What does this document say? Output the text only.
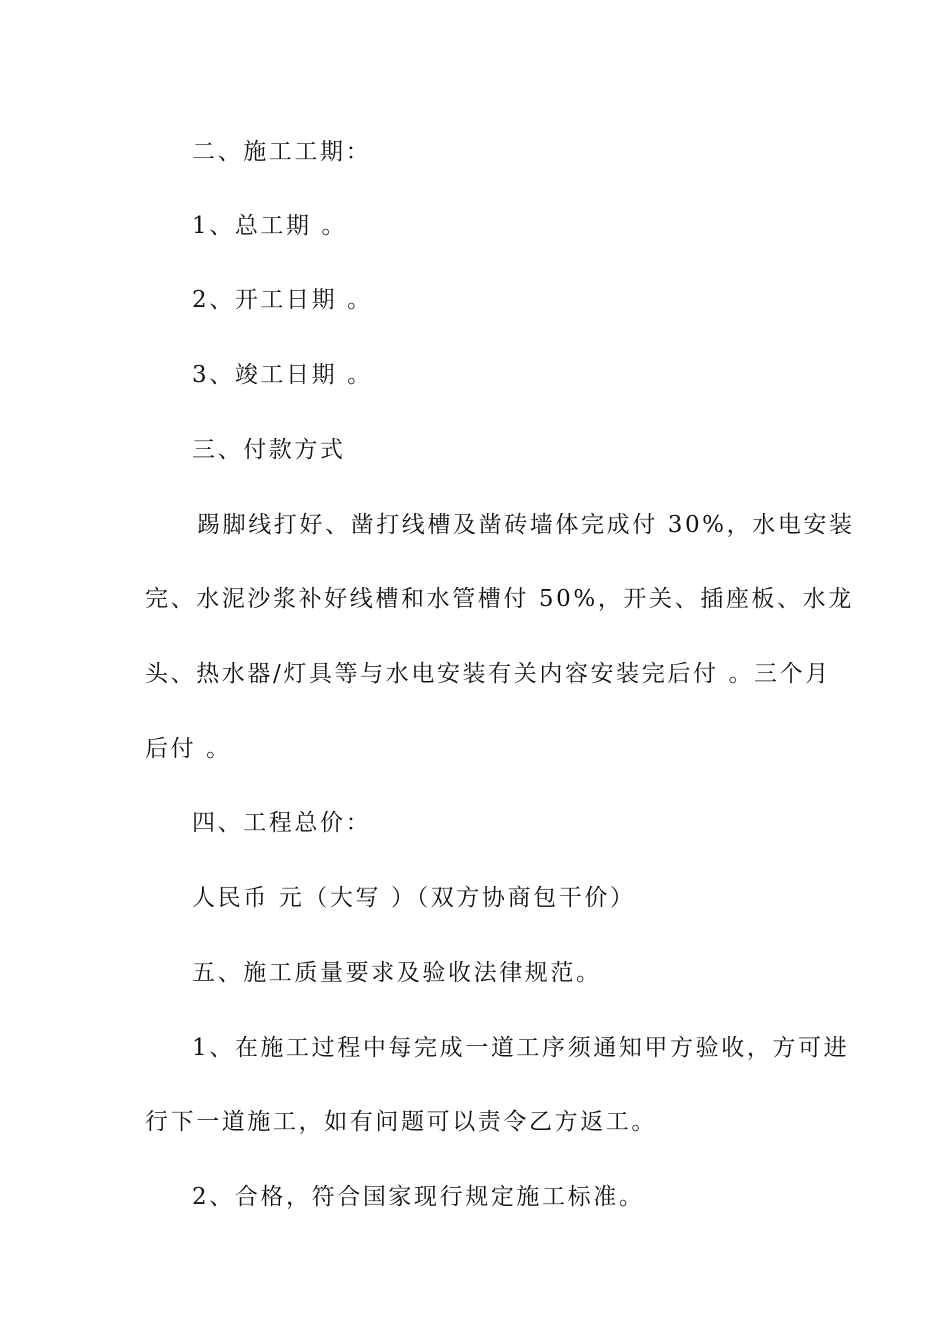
二、施工工期：
1、总工期 。
2、开工日期 。
3、竣工日期 。
三、付款方式
踢脚线打好、凿打线槽及凿砖墙体完成付 30%，水电安装
完、水泥沙浆补好线槽和水管槽付 50%，开关、插座板、水龙
头、热水器/灯具等与水电安装有关内容安装完后付 。三个月
后付 。
四、工程总价：
人民币 元（大写 ）（双方协商包干价）
五、施工质量要求及验收法律规范。
1、在施工过程中每完成一道工序须通知甲方验收，方可进
行下一道施工，如有问题可以责令乙方返工。
2、合格，符合国家现行规定施工标准。
